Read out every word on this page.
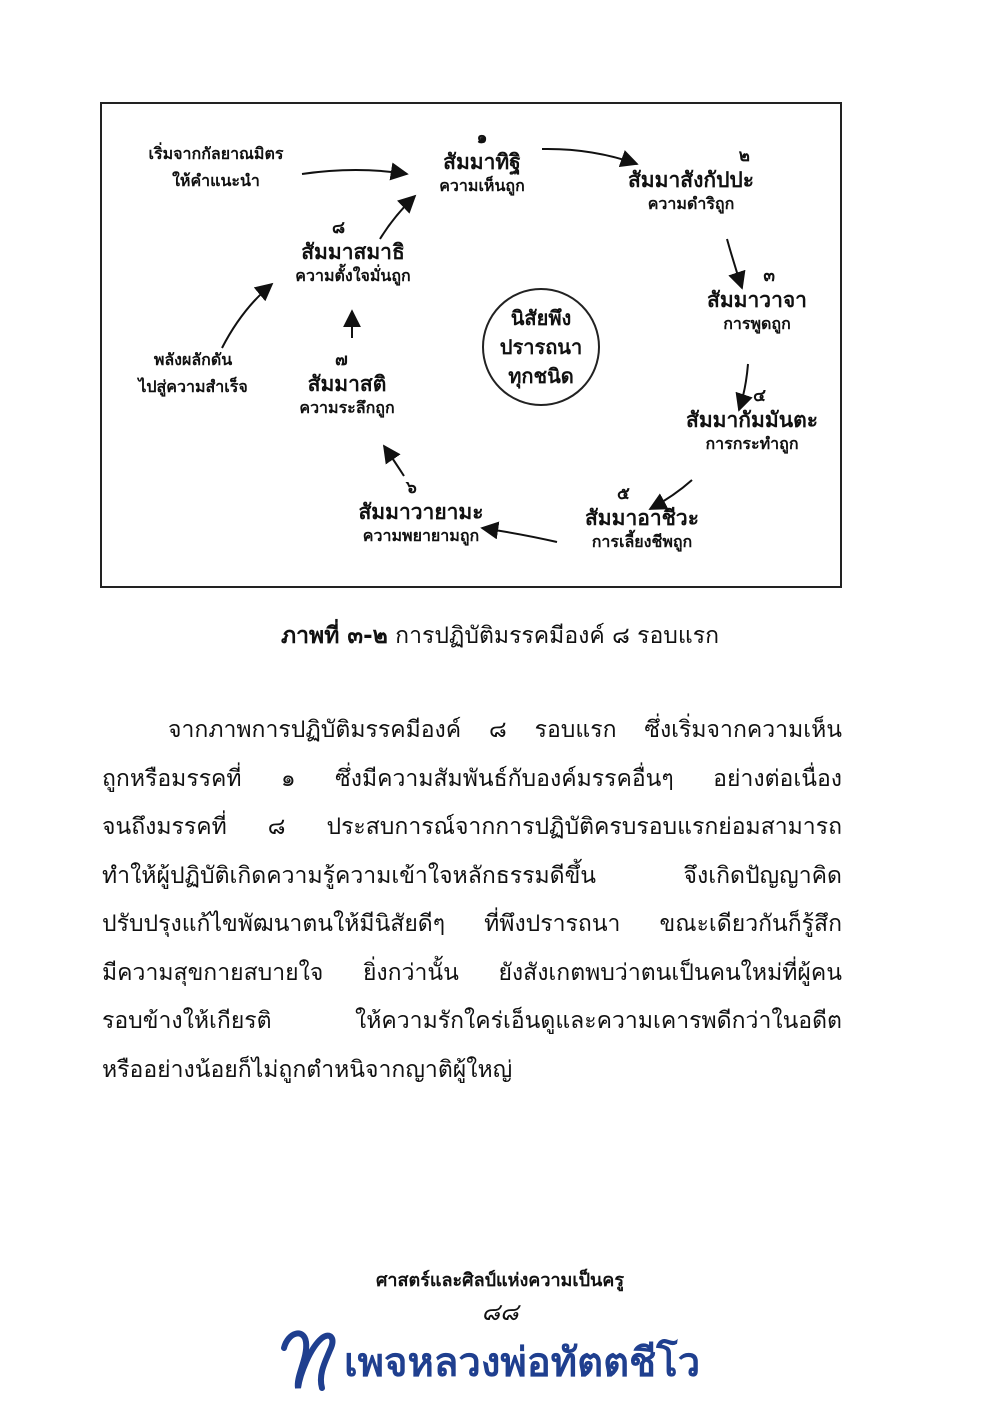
เริ่มจากกัลยาณมิตร
ให้คำแนะนำ
พลังผลักดัน
ไปสู่ความสำเร็จ
๑
สัมมาทิฐิ
ความเห็นถูก
๒
สัมมาสังกัปปะ
ความดำริถูก
๓
สัมมาวาจา
การพูดถูก
๔
สัมมากัมมันตะ
การกระทำถูก
๕
สัมมาอาชีวะ
การเลี้ยงชีพถูก
๖
สัมมาวายามะ
ความพยายามถูก
๗
สัมมาสติ
ความระลึกถูก
๘
สัมมาสมาธิ
ความตั้งใจมั่นถูก
นิสัยพึง
ปรารถนา
ทุกชนิด
ภาพที่ ๓-๒ การปฏิบัติมรรคมีองค์ ๘ รอบแรก
จากภาพการปฏิบัติมรรคมีองค์ ๘ รอบแรก ซึ่งเริ่มจากความเห็น
ถูกหรือมรรคที่ ๑ ซึ่งมีความสัมพันธ์กับองค์มรรคอื่นๆ อย่างต่อเนื่อง
จนถึงมรรคที่ ๘ ประสบการณ์จากการปฏิบัติครบรอบแรกย่อมสามารถ
ทำให้ผู้ปฏิบัติเกิดความรู้ความเข้าใจหลักธรรมดีขึ้น จึงเกิดปัญญาคิด
ปรับปรุงแก้ไขพัฒนาตนให้มีนิสัยดีๆ ที่พึงปรารถนา ขณะเดียวกันก็รู้สึก
มีความสุขกายสบายใจ ยิ่งกว่านั้น ยังสังเกตพบว่าตนเป็นคนใหม่ที่ผู้คน
รอบข้างให้เกียรติ ให้ความรักใคร่เอ็นดูและความเคารพดีกว่าในอดีต
หรืออย่างน้อยก็ไม่ถูกตำหนิจากญาติผู้ใหญ่
ศาสตร์และศิลป์แห่งความเป็นครู
๘๘
เพจหลวงพ่อทัตตชีโว
